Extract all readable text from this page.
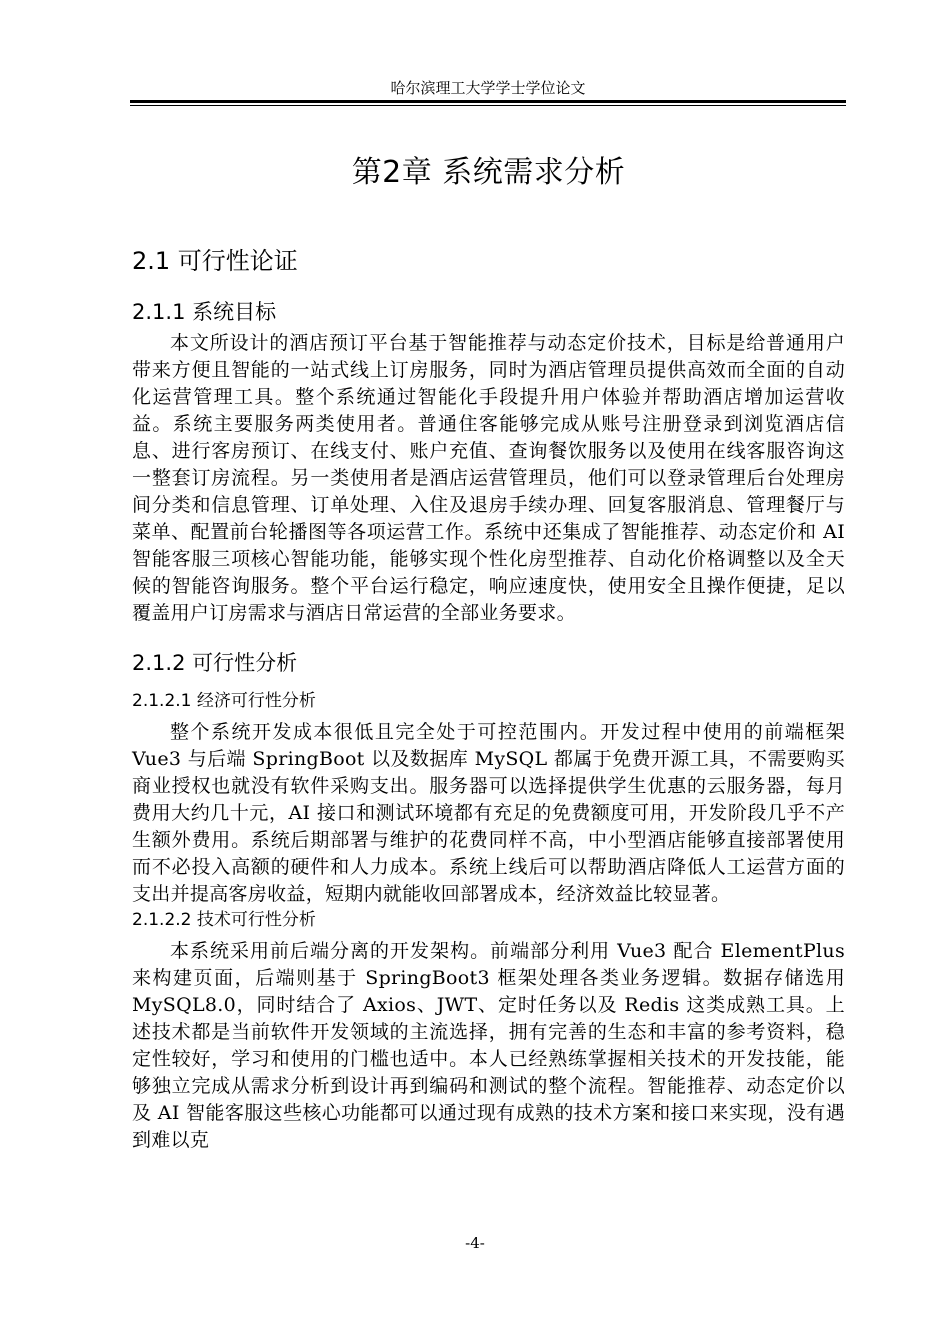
哈尔滨理工大学学士学位论文
第2章 系统需求分析
2.1 可行性论证
2.1.1 系统目标

本文所设计的酒店预订平台基于智能推荐与动态定价技术，目标是给普通用户带来方便且智能的一站式线上订房服务，同时为酒店管理员提供高效而全面的自动化运营管理工具。整个系统通过智能化手段提升用户体验并帮助酒店增加运营收益。系统主要服务两类使用者。普通住客能够完成从账号注册登录到浏览酒店信息、进行客房预订、在线支付、账户充值、查询餐饮服务以及使用在线客服咨询这一整套订房流程。另一类使用者是酒店运营管理员，他们可以登录管理后台处理房间分类和信息管理、订单处理、入住及退房手续办理、回复客服消息、管理餐厅与菜单、配置前台轮播图等各项运营工作。系统中还集成了智能推荐、动态定价和 AI 智能客服三项核心智能功能，能够实现个性化房型推荐、自动化价格调整以及全天候的智能咨询服务。整个平台运行稳定，响应速度快，使用安全且操作便捷，足以覆盖用户订房需求与酒店日常运营的全部业务要求。

2.1.2 可行性分析
2.1.2.1 经济可行性分析

整个系统开发成本很低且完全处于可控范围内。开发过程中使用的前端框架 Vue3 与后端 SpringBoot 以及数据库 MySQL 都属于免费开源工具，不需要购买商业授权也就没有软件采购支出。服务器可以选择提供学生优惠的云服务器，每月费用大约几十元，AI 接口和测试环境都有充足的免费额度可用，开发阶段几乎不产生额外费用。系统后期部署与维护的花费同样不高，中小型酒店能够直接部署使用而不必投入高额的硬件和人力成本。系统上线后可以帮助酒店降低人工运营方面的支出并提高客房收益，短期内就能收回部署成本，经济效益比较显著。

2.1.2.2 技术可行性分析

本系统采用前后端分离的开发架构。前端部分利用 Vue3 配合 ElementPlus 来构建页面，后端则基于 SpringBoot3 框架处理各类业务逻辑。数据存储选用 MySQL8.0，同时结合了 Axios、JWT、定时任务以及 Redis 这类成熟工具。上述技术都是当前软件开发领域的主流选择，拥有完善的生态和丰富的参考资料，稳定性较好，学习和使用的门槛也适中。本人已经熟练掌握相关技术的开发技能，能够独立完成从需求分析到设计再到编码和测试的整个流程。智能推荐、动态定价以及 AI 智能客服这些核心功能都可以通过现有成熟的技术方案和接口来实现，没有遇到难以克

-4-
